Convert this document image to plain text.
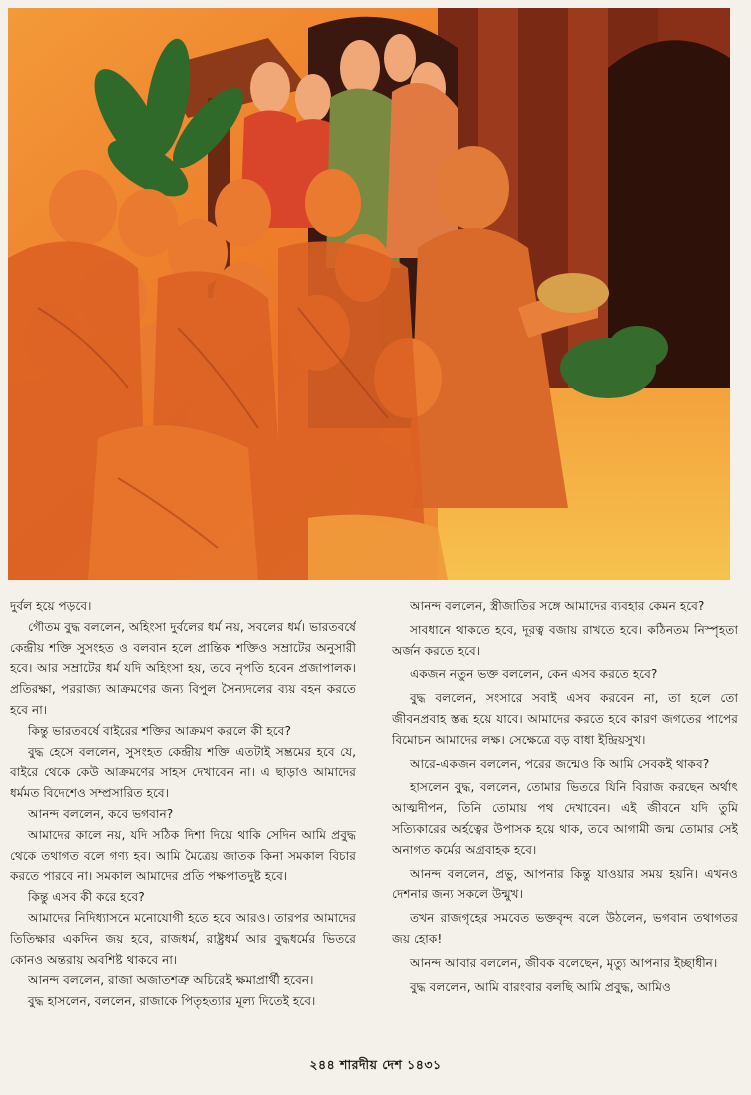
দুর্বল হয়ে পড়বে।

গৌতম বুদ্ধ বললেন, অহিংসা দুর্বলের ধর্ম নয়, সবলের ধর্ম। ভারতবর্ষে কেন্দ্রীয় শক্তি সুসংহত ও বলবান হলে প্রান্তিক শক্তিও সম্রাটের অনুসারী হবে। আর সম্রাটের ধর্ম যদি অহিংসা হয়, তবে নৃপতি হবেন প্রজাপালক। প্রতিরক্ষা, পররাজ্য আক্রমণের জন্য বিপুল সৈন্যদলের ব্যয় বহন করতে হবে না।

কিন্তু ভারতবর্ষে বাইরের শক্তির আক্রমণ করলে কী হবে?

বুদ্ধ হেসে বললেন, সুসংহত কেন্দ্রীয় শক্তি এতটাই সম্ভ্রমের হবে যে, বাইরে থেকে কেউ আক্রমণের সাহস দেখাবেন না। এ ছাড়াও আমাদের ধর্মমত বিদেশেও সম্প্রসারিত হবে।

আনন্দ বললেন, কবে ভগবান?

আমাদের কালে নয়, যদি সঠিক দিশা দিয়ে থাকি সেদিন আমি প্রবুদ্ধ থেকে তথাগত বলে গণ্য হব। আমি মৈত্রেয় জাতক কিনা সমকাল বিচার করতে পারবে না। সমকাল আমাদের প্রতি পক্ষপাতদুষ্ট হবে।

কিন্তু এসব কী করে হবে?

আমাদের নিদিধ্যাসনে মনোযোগী হতে হবে আরও। তারপর আমাদের তিতিক্ষার একদিন জয় হবে, রাজধর্ম, রাষ্ট্রধর্ম আর বুদ্ধধর্মের ভিতরে কোনও অন্তরায় অবশিষ্ট থাকবে না।

আনন্দ বললেন, রাজা অজাতশত্রু অচিরেই ক্ষমাপ্রার্থী হবেন।

বুদ্ধ হাসলেন, বললেন, রাজাকে পিতৃহত্যার মূল্য দিতেই হবে।

আনন্দ বললেন, স্ত্রীজাতির সঙ্গে আমাদের ব্যবহার কেমন হবে?

সাবধানে থাকতে হবে, দূরত্ব বজায় রাখতে হবে। কঠিনতম নিস্পৃহতা অর্জন করতে হবে।

একজন নতুন ভক্ত বললেন, কেন এসব করতে হবে?

বুদ্ধ বললেন, সংসারে সবাই এসব করবেন না, তা হলে তো জীবনপ্রবাহ স্তব্ধ হয়ে যাবে। আমাদের করতে হবে কারণ জগতের পাপের বিমোচন আমাদের লক্ষ। সেক্ষেত্রে বড় বাধা ইন্দ্রিয়সুখ।

আরে-একজন বললেন, পরের জন্মেও কি আমি সেবকই থাকব?

হাসলেন বুদ্ধ, বললেন, তোমার ভিতরে যিনি বিরাজ করছেন অর্থাৎ আত্মদীপন, তিনি তোমায় পথ দেখাবেন। এই জীবনে যদি তুমি সত্যিকারের অর্হত্বের উপাসক হয়ে থাক, তবে আগামী জন্ম তোমার সেই অনাগত কর্মের অগ্রবাহক হবে।

আনন্দ বললেন, প্রভু, আপনার কিন্তু যাওয়ার সময় হয়নি। এখনও দেশনার জন্য সকলে উন্মুখ।

তখন রাজগৃহের সমবেত ভক্তবৃন্দ বলে উঠলেন, ভগবান তথাগতর জয় হোক!

আনন্দ আবার বললেন, জীবক বলেছেন, মৃত্যু আপনার ইচ্ছাধীন।

বুদ্ধ বললেন, আমি বারংবার বলছি আমি প্রবুদ্ধ, আমিও

২৪৪ শারদীয় দেশ ১৪৩১
